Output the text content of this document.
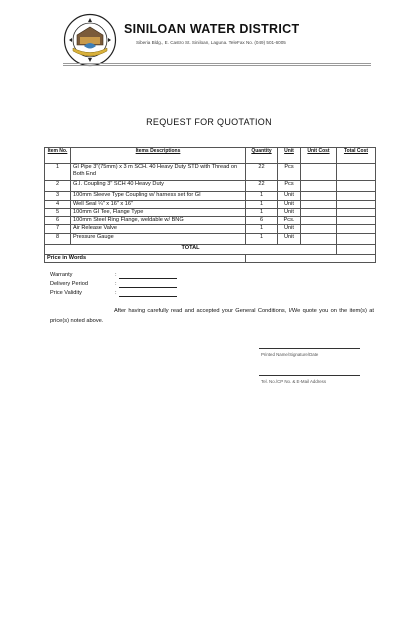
SINILOAN WATER DISTRICT
Siberia Bldg., E. Castro St. Siniloan, Laguna. TeleFax No. (049) 501-6005
REQUEST FOR QUOTATION
Item No.	Items Descriptions	Quantity	Unit	Unit Cost	Total Cost
1	GI Pipe 3"(75mm) x 3 m SCH. 40 Heavy Duty STD with Thread on Both End	22	Pcs		
2	G.I. Coupling 3" SCH 40 Heavy Duty	22	Pcs		
3	100mm Sleeve Type Coupling w/ harness set for GI	1	Unit		
4	Well Seal ¼" x 16" x 16"	1	Unit		
5	100mm GI Tee, Flange Type	1	Unit		
6	100mm Steel Ring Flange, weldable w/ BNG	6	Pcs.		
7	Air Release Valve	1	Unit		
8	Pressure Gauge	1	Unit		
TOTAL					
Price in Words					
Warranty	:
Delivery Period	:
Price Validity	:
After having carefully read and accepted your General Conditions, I/We quote you on the item(s) at price(s) noted above.
Printed Name/Signature/Date
Tel. No./CP No. & E-Mail Address
